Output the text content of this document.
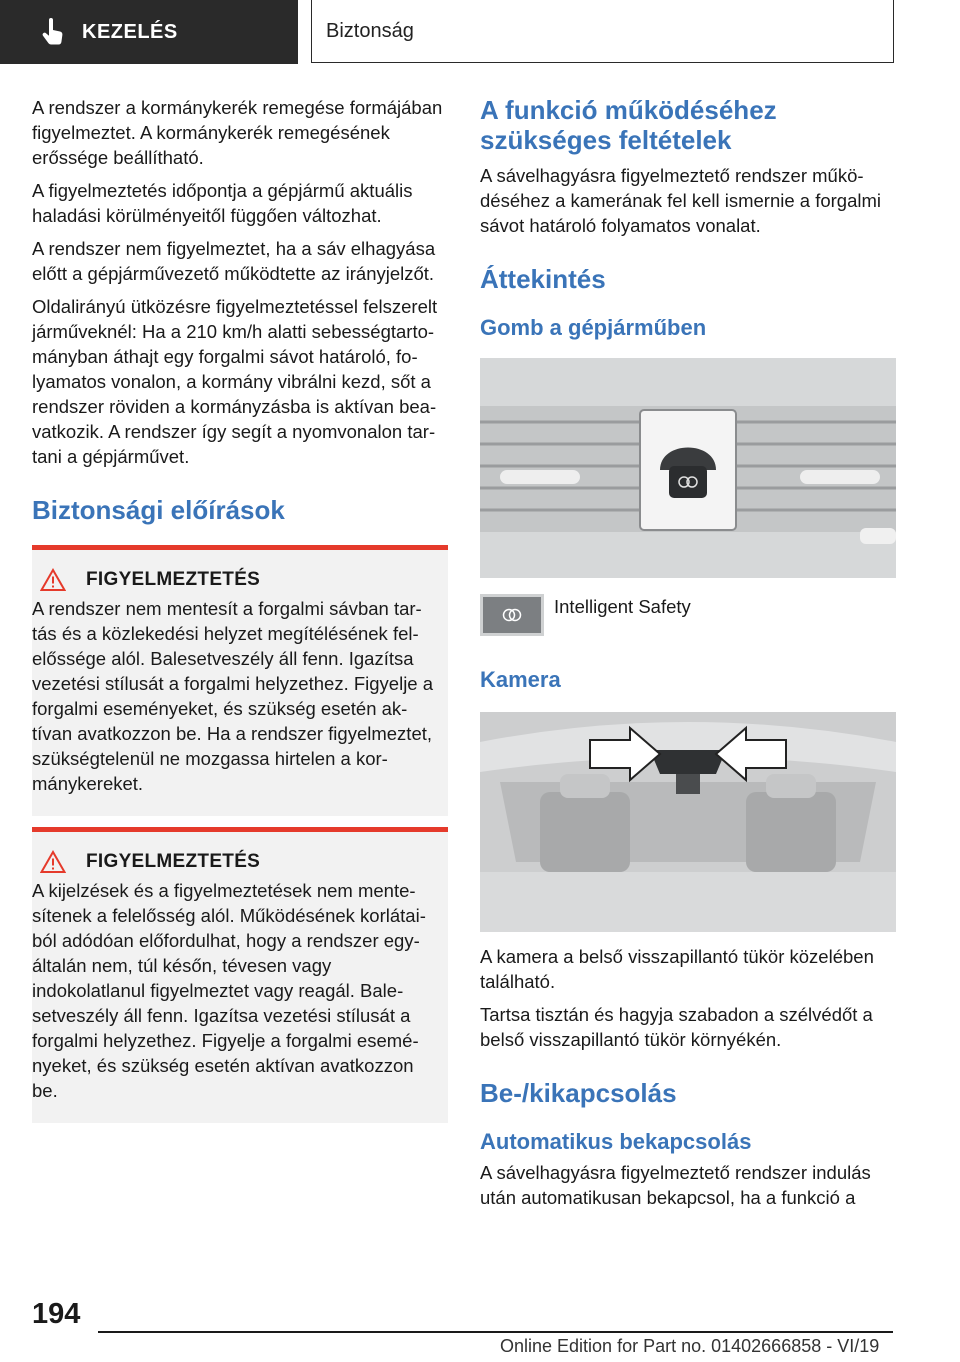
KEZELÉS	Biztonság

A rendszer a kormánykerék remegése formájában figyelmeztet. A kormánykerék remegésének erőssége beállítható.

A figyelmeztetés időpontja a gépjármű aktuális haladási körülményeitől függően változhat.

A rendszer nem figyelmeztet, ha a sáv elhagyása előtt a gépjárművezető működtette az irányjelzőt.

Oldalirányú ütközésre figyelmeztetéssel felszerelt járműveknél: Ha a 210 km/h alatti sebességtartományban áthajt egy forgalmi sávot határoló, folyamatos vonalon, a kormány vibrálni kezd, sőt a rendszer röviden a kormányzásba is aktívan beavatkozik. A rendszer így segít a nyomvonalon tartani a gépjárművet.

Biztonsági előírások
FIGYELMEZTETÉS

A rendszer nem mentesít a forgalmi sávban tartás és a közlekedési helyzet megítélésének felelőssége alól. Balesetveszély áll fenn. Igazítsa vezetési stílusát a forgalmi helyzethez. Figyelje a forgalmi eseményeket, és szükség esetén aktívan avatkozzon be. Ha a rendszer figyelmeztet, szükségtelenül ne mozgassa hirtelen a kormánykereket.

FIGYELMEZTETÉS

A kijelzések és a figyelmeztetések nem mentesítenek a felelősség alól. Működésének korlátaiból adódóan előfordulhat, hogy a rendszer egyáltalán nem, túl későn, tévesen vagy indokolatlanul figyelmeztet vagy reagál. Balesetveszély áll fenn. Igazítsa vezetési stílusát a forgalmi helyzethez. Figyelje a forgalmi eseményeket, és szükség esetén aktívan avatkozzon be.

A funkció működéséhez szükséges feltételek

A sávelhagyásra figyelmeztető rendszer működéséhez a kamerának fel kell ismernie a forgalmi sávot határoló folyamatos vonalat.

Áttekintés
Gomb a gépjárműben
Intelligent Safety
Kamera

A kamera a belső visszapillantó tükör közelében található.

Tartsa tisztán és hagyja szabadon a szélvédőt a belső visszapillantó tükör környékén.

Be-/kikapcsolás
Automatikus bekapcsolás

A sávelhagyásra figyelmeztető rendszer indulás után automatikusan bekapcsol, ha a funkció a

194
Online Edition for Part no. 01402666858 - VI/19
